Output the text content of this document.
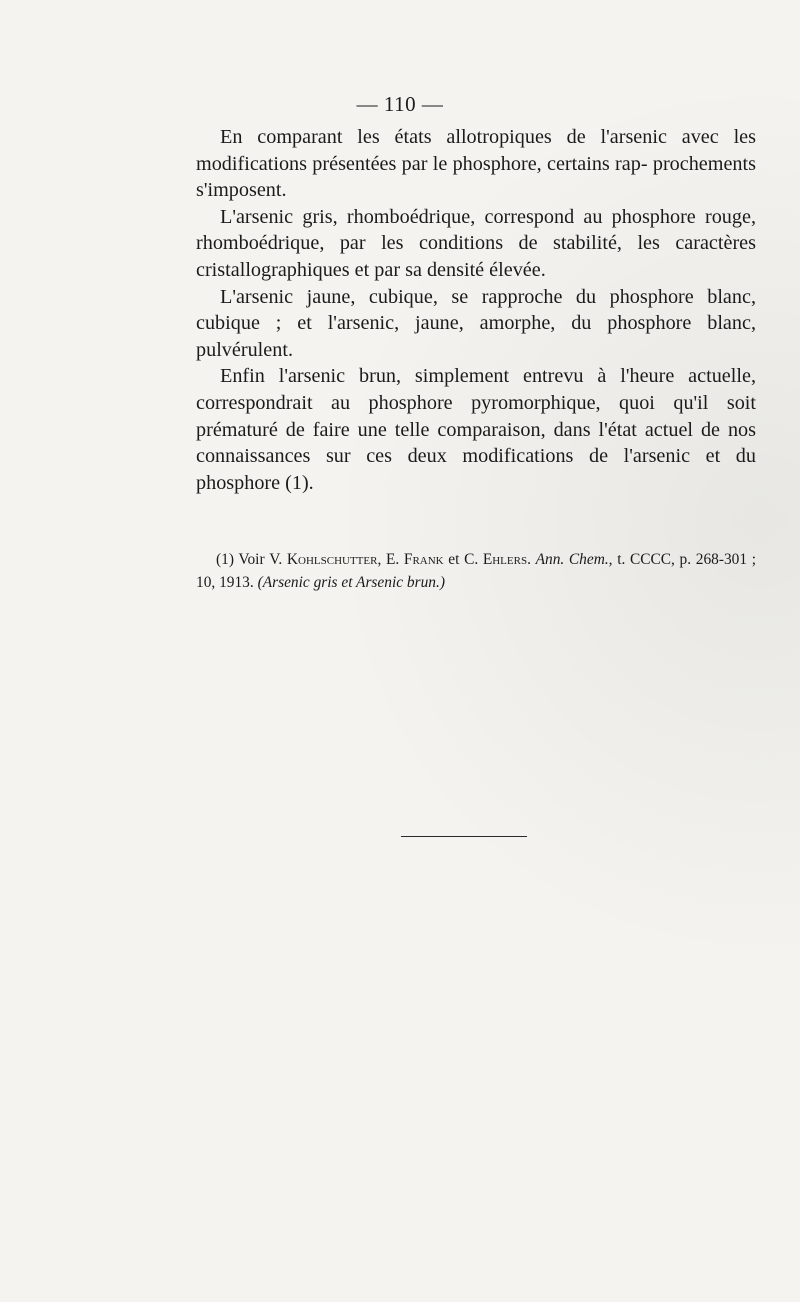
— 110 —

En comparant les états allotropiques de l'arsenic avec les modifications présentées par le phosphore, certains rap- prochements s'imposent.

L'arsenic gris, rhomboédrique, correspond au phosphore rouge, rhomboédrique, par les conditions de stabilité, les caractères cristallographiques et par sa densité élevée.

L'arsenic jaune, cubique, se rapproche du phosphore blanc, cubique ; et l'arsenic, jaune, amorphe, du phosphore blanc, pulvérulent.

Enfin l'arsenic brun, simplement entrevu à l'heure actuelle, correspondrait au phosphore pyromorphique, quoi qu'il soit prématuré de faire une telle comparaison, dans l'état actuel de nos connaissances sur ces deux modifications de l'arsenic et du phosphore (1).

(1) Voir V. Kohlschutter, E. Frank et C. Ehlers. Ann. Chem., t. CCCC, p. 268-301 ; 10, 1913. (Arsenic gris et Arsenic brun.)
